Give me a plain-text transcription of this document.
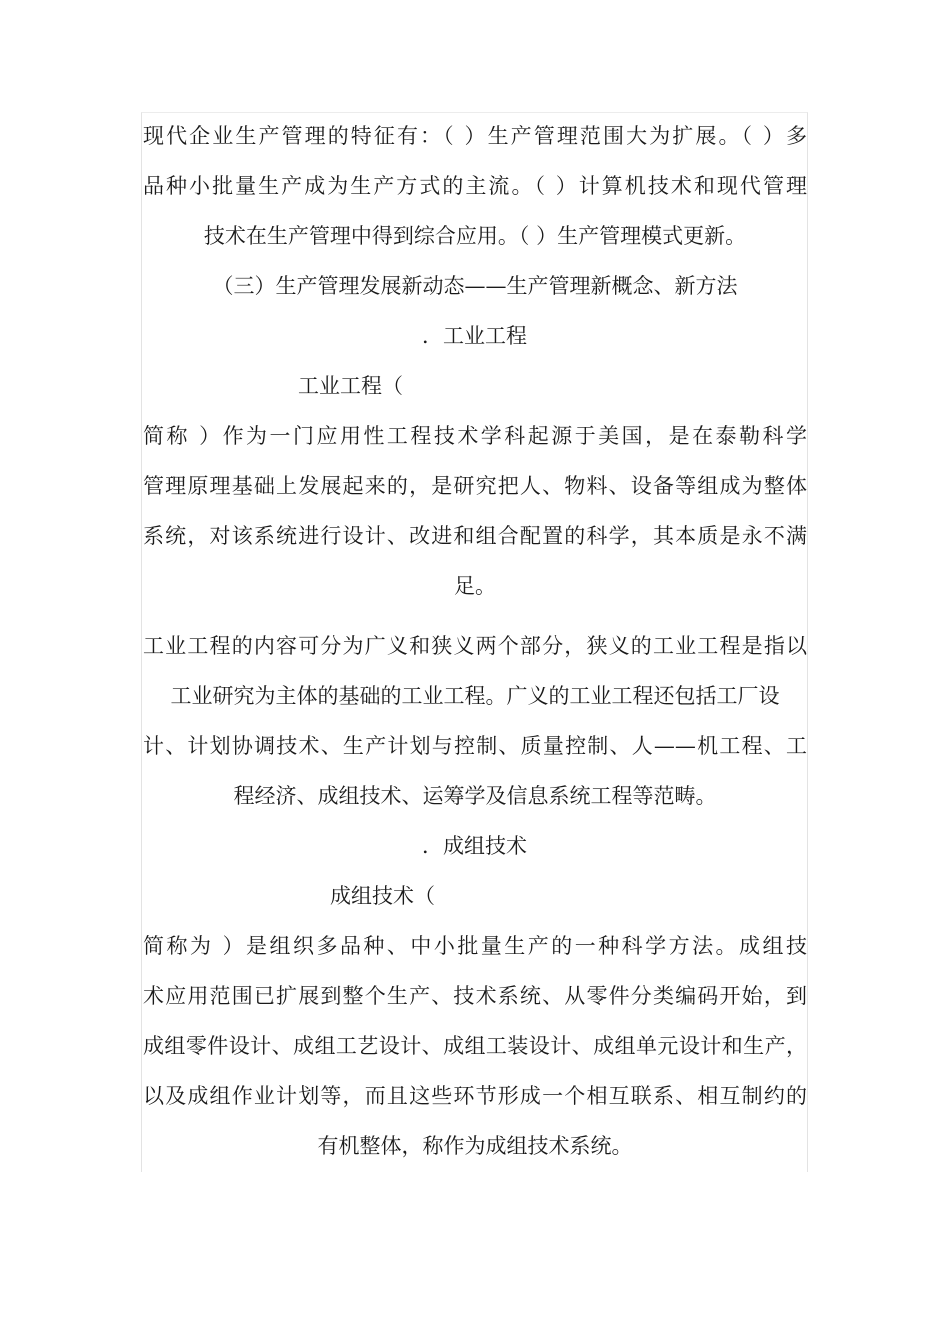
现代企业生产管理的特征有：（ ）生产管理范围大为扩展。（ ）多
品种小批量生产成为生产方式的主流。（ ）计算机技术和现代管理
技术在生产管理中得到综合应用。（ ）生产管理模式更新。
（三）生产管理发展新动态——生产管理新概念、新方法
．工业工程
工业工程（
简称 ）作为一门应用性工程技术学科起源于美国，是在泰勒科学
管理原理基础上发展起来的，是研究把人、物料、设备等组成为整体
系统，对该系统进行设计、改进和组合配置的科学，其本质是永不满
足。
工业工程的内容可分为广义和狭义两个部分，狭义的工业工程是指以
工业研究为主体的基础的工业工程。广义的工业工程还包括工厂设
计、计划协调技术、生产计划与控制、质量控制、人——机工程、工
程经济、成组技术、运筹学及信息系统工程等范畴。
．成组技术
成组技术（
简称为 ）是组织多品种、中小批量生产的一种科学方法。成组技
术应用范围已扩展到整个生产、技术系统、从零件分类编码开始，到
成组零件设计、成组工艺设计、成组工装设计、成组单元设计和生产，
以及成组作业计划等，而且这些环节形成一个相互联系、相互制约的
有机整体，称作为成组技术系统。
